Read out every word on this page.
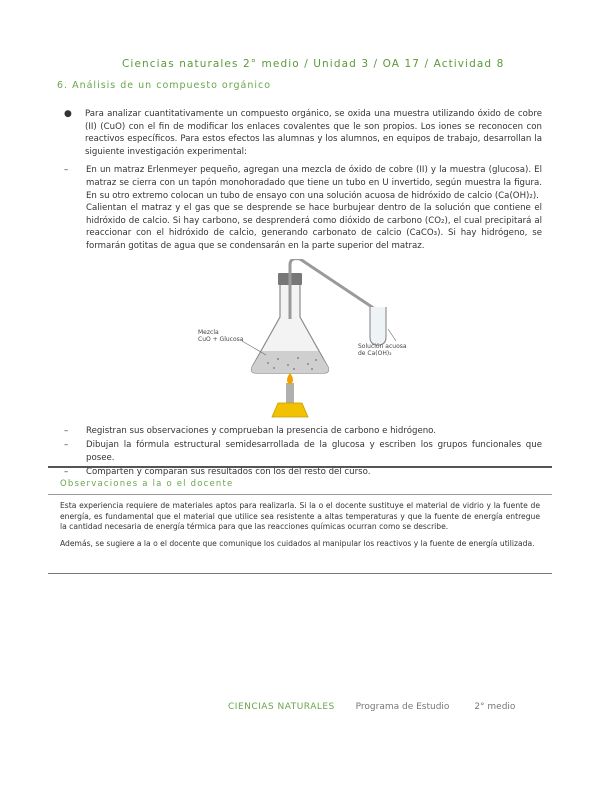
Ciencias naturales 2° medio / Unidad 3 / OA 17 / Actividad 8
6. Análisis de un compuesto orgánico
●	Para analizar cuantitativamente un compuesto orgánico, se oxida una muestra utilizando óxido de cobre (II) (CuO) con el fin de modificar los enlaces covalentes que le son propios. Los iones se reconocen con reactivos específicos. Para estos efectos las alumnas y los alumnos, en equipos de trabajo, desarrollan la siguiente investigación experimental:
–	En un matraz Erlenmeyer pequeño, agregan una mezcla de óxido de cobre (II) y la muestra (glucosa). El matraz se cierra con un tapón monohoradado que tiene un tubo en U invertido, según muestra la figura. En su otro extremo colocan un tubo de ensayo con una solución acuosa de hidróxido de calcio (Ca(OH)₂).

Calientan el matraz y el gas que se desprende se hace burbujear dentro de la solución que contiene el hidróxido de calcio. Si hay carbono, se desprenderá como dióxido de carbono (CO₂), el cual precipitará al reaccionar con el hidróxido de calcio, generando carbonato de calcio (CaCO₃). Si hay hidrógeno, se formarán gotitas de agua que se condensarán en la parte superior del matraz.

Mezcla
CuO + Glucosa
Solución acuosa
de Ca(OH)₂
–	Registran sus observaciones y comprueban la presencia de carbono e hidrógeno.
–	Dibujan la fórmula estructural semidesarrollada de la glucosa y escriben los grupos funcionales que posee.
–	Comparten y comparan sus resultados con los del resto del curso.
Observaciones a la o el docente

Esta experiencia requiere de materiales aptos para realizarla. Si la o el docente sustituye el material de vidrio y la fuente de energía, es fundamental que el material que utilice sea resistente a altas temperaturas y que la fuente de energía entregue la cantidad necesaria de energía térmica para que las reacciones químicas ocurran como se describe.

Además, se sugiere a la o el docente que comunique los cuidados al manipular los reactivos y la fuente de energía utilizada.

CIENCIAS NATURALES Programa de Estudio	2° medio
